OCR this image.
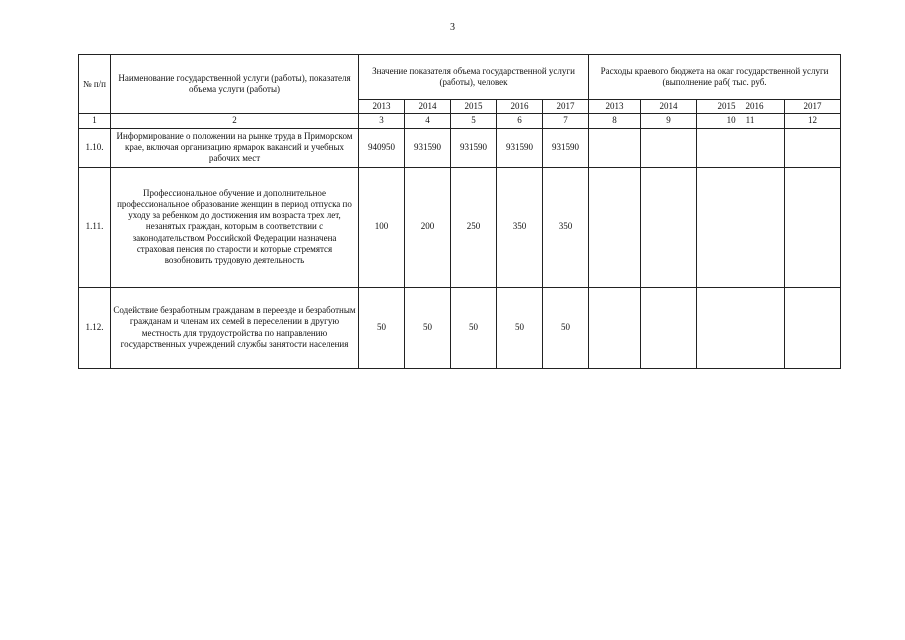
3
№ п/п	Наименование государственной услуги (работы), показателя объема услуги (работы)	Значение показателя объема государственной услуги (работы), человек					Расходы краевого бюджета на окаг государственной услуги (выполнение раб( тыс. руб.			
		2013	2014	2015	2016	2017	2013	2014	2015 2016	2017
1	2	3	4	5	6	7	8	9	10 11	12
1.10.	Информирование о положении на рынке труда в Приморском крае, включая организацию ярмарок вакансий и учебных рабочих мест	940950	931590	931590	931590	931590				
1.11.	Профессиональное обучение и дополнительное профессиональное образование женщин в период отпуска по уходу за ребенком до достижения им возраста трех лет, незанятых граждан, которым в соответствии с законодательством Российской Федерации назначена страховая пенсия по старости и которые стремятся возобновить трудовую деятельность	100	200	250	350	350				
1.12.	Содействие безработным гражданам в переезде и безработным гражданам и членам их семей в переселении в другую местность для трудоустройства по направлению государственных учреждений службы занятости населения	50	50	50	50	50				
